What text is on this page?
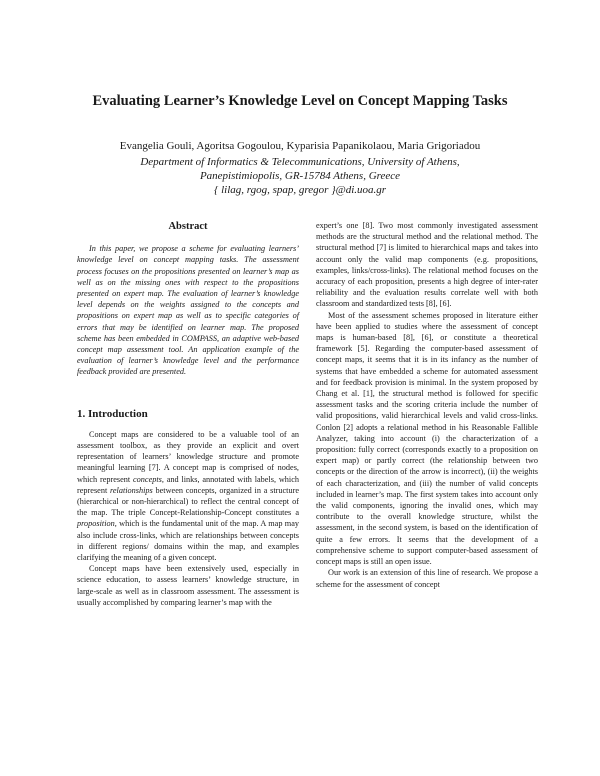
Evaluating Learner’s Knowledge Level on Concept Mapping Tasks
Evangelia Gouli, Agoritsa Gogoulou, Kyparisia Papanikolaou, Maria Grigoriadou
Department of Informatics & Telecommunications, University of Athens,
Panepistimiopolis, GR-15784 Athens, Greece
{ lilag, rgog, spap, gregor }@di.uoa.gr
Abstract

In this paper, we propose a scheme for evaluating learners’ knowledge level on concept mapping tasks. The assessment process focuses on the propositions presented on learner’s map as well as on the missing ones with respect to the propositions presented on expert map. The evaluation of learner’s knowledge level depends on the weights assigned to the concepts and propositions on expert map as well as to specific categories of errors that may be identified on learner map. The proposed scheme has been embedded in COMPASS, an adaptive web-based concept map assessment tool. An application example of the evaluation of learner’s knowledge level and the performance feedback provided are presented.

1. Introduction

Concept maps are considered to be a valuable tool of an assessment toolbox, as they provide an explicit and overt representation of learners’ knowledge structure and promote meaningful learning [7]. A concept map is comprised of nodes, which represent concepts, and links, annotated with labels, which represent relationships between concepts, organized in a structure (hierarchical or non-hierarchical) to reflect the central concept of the map. The triple Concept-Relationship-Concept constitutes a proposition, which is the fundamental unit of the map. A map may also include cross-links, which are relationships between concepts in different regions/ domains within the map, and examples clarifying the meaning of a given concept.

Concept maps have been extensively used, especially in science education, to assess learners’ knowledge structure, in large-scale as well as in classroom assessment. The assessment is usually accomplished by comparing learner’s map with the

expert’s one [8]. Two most commonly investigated assessment methods are the structural method and the relational method. The structural method [7] is limited to hierarchical maps and takes into account only the valid map components (e.g. propositions, examples, links/cross-links). The relational method focuses on the accuracy of each proposition, presents a high degree of inter-rater reliability and the evaluation results correlate well with both classroom and standardized tests [8], [6].

Most of the assessment schemes proposed in literature either have been applied to studies where the assessment of concept maps is human-based [8], [6], or constitute a theoretical framework [5]. Regarding the computer-based assessment of concept maps, it seems that it is in its infancy as the number of systems that have embedded a scheme for automated assessment and for feedback provision is minimal. In the system proposed by Chang et al. [1], the structural method is followed for specific assessment tasks and the scoring criteria include the number of valid propositions, valid hierarchical levels and valid cross-links. Conlon [2] adopts a relational method in his Reasonable Fallible Analyzer, taking into account (i) the characterization of a proposition: fully correct (corresponds exactly to a proposition on expert map) or partly correct (the relationship between two concepts or the direction of the arrow is incorrect), (ii) the weights of each characterization, and (iii) the number of valid concepts included in learner’s map. The first system takes into account only the valid components, ignoring the invalid ones, which may contribute to the overall knowledge structure, whilst the assessment, in the second system, is based on the identification of quite a few errors. It seems that the development of a comprehensive scheme to support computer-based assessment of concept maps is still an open issue.

Our work is an extension of this line of research. We propose a scheme for the assessment of concept
